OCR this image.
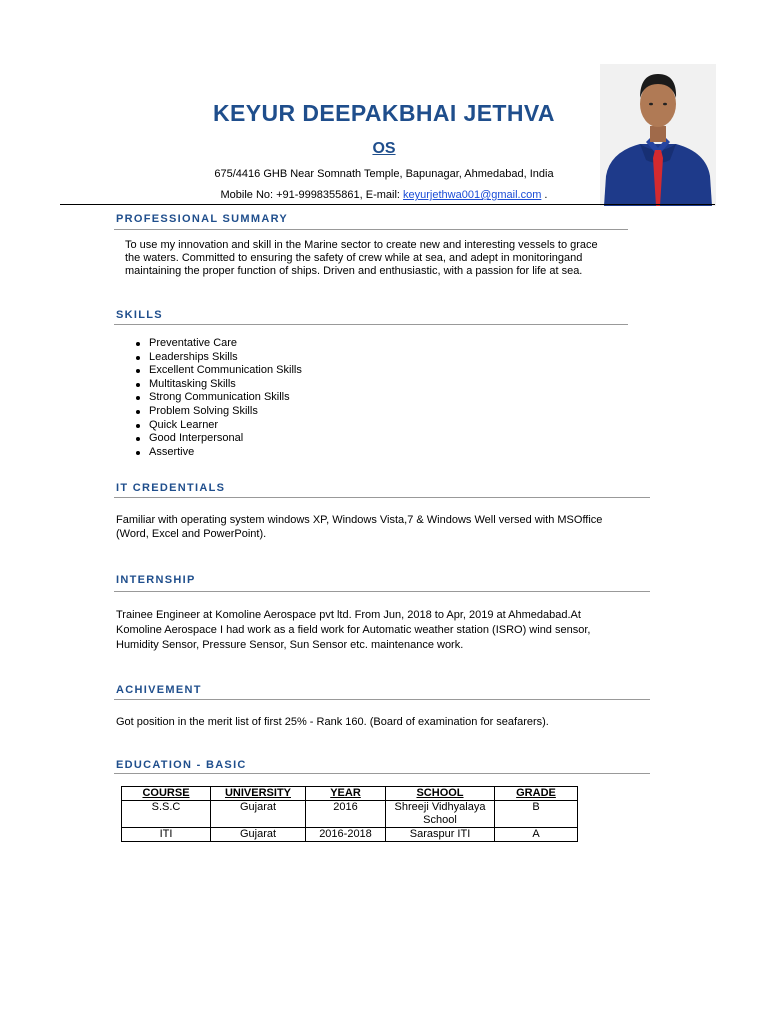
KEYUR DEEPAKBHAI JETHVA
OS
675/4416 GHB Near Somnath Temple, Bapunagar, Ahmedabad, India
Mobile No: +91-9998355861, E-mail: keyurjethwa001@gmail.com .
PROFESSIONAL SUMMARY
To use my innovation and skill in the Marine sector to create new and interesting vessels to grace
the waters. Committed to ensuring the safety of crew while at sea, and adept in monitoringand
maintaining the proper function of ships. Driven and enthusiastic, with a passion for life at sea.
SKILLS
Preventative Care
Leaderships Skills
Excellent Communication Skills
Multitasking Skills
Strong Communication Skills
Problem Solving Skills
Quick Learner
Good Interpersonal
Assertive
IT CREDENTIALS
Familiar with operating system windows XP, Windows Vista,7 & Windows Well versed with MSOffice
(Word, Excel and PowerPoint).
INTERNSHIP
Trainee Engineer at Komoline Aerospace pvt ltd. From Jun, 2018 to Apr, 2019 at Ahmedabad.At
Komoline Aerospace I had work as a field work for Automatic weather station (ISRO) wind sensor,
Humidity Sensor, Pressure Sensor, Sun Sensor etc. maintenance work.
ACHIVEMENT
Got position in the merit list of first 25% - Rank 160. (Board of examination for seafarers).
EDUCATION - BASIC
COURSE	UNIVERSITY	YEAR	SCHOOL	GRADE
S.S.C	Gujarat	2016	Shreeji Vidhyalaya School	B
ITI	Gujarat	2016-2018	Saraspur ITI	A
